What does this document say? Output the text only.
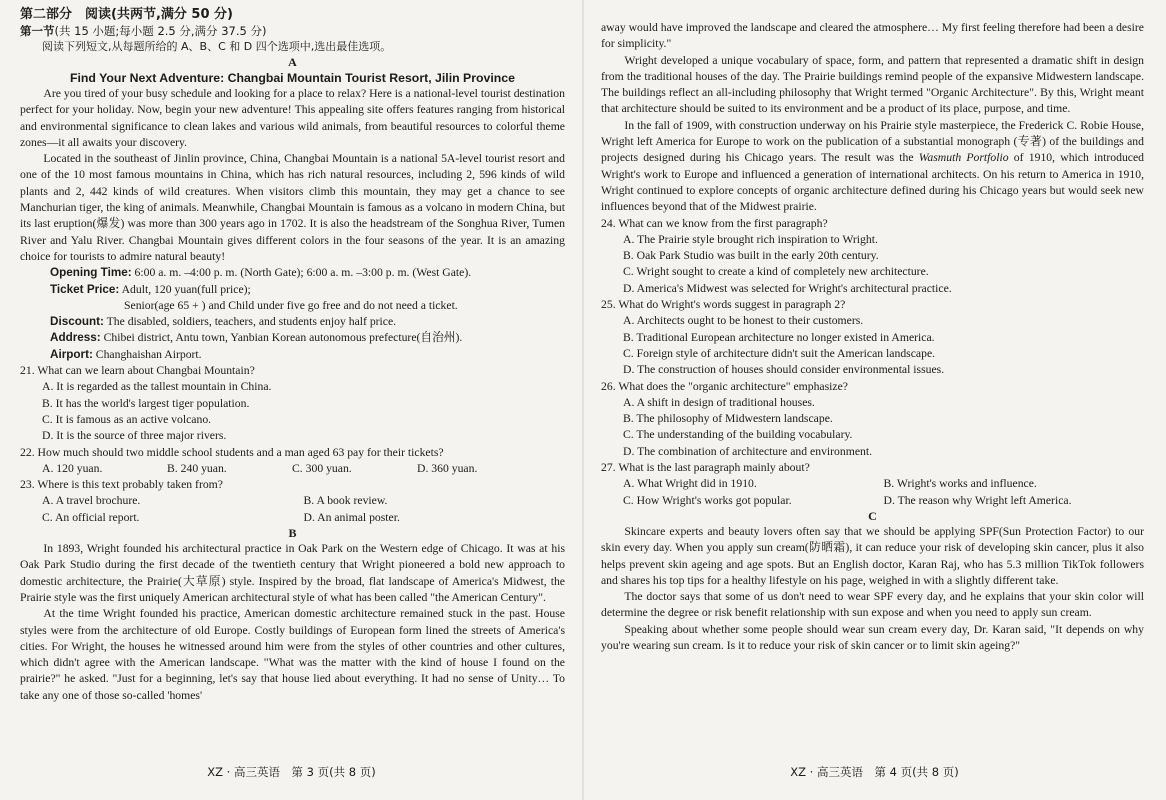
第二部分　阅读(共两节,满分 50 分)

第一节(共 15 小题;每小题 2.5 分,满分 37.5 分)

阅读下列短文,从每题所给的 A、B、C 和 D 四个选项中,选出最佳选项。

A

Find Your Next Adventure: Changbai Mountain Tourist Resort, Jilin Province

Are you tired of your busy schedule and looking for a place to relax? Here is a national-level tourist destination perfect for your holiday. Now, begin your new adventure! This appealing site offers features ranging from historical and environmental significance to clean lakes and various wild animals, from beautiful resources to colorful theme zones—it all awaits your discovery.

Located in the southeast of Jinlin province, China, Changbai Mountain is a national 5A-level tourist resort and one of the 10 most famous mountains in China, which has rich natural resources, including 2, 596 kinds of wild plants and 2, 442 kinds of wild creatures. When visitors climb this mountain, they may get a chance to see Manchurian tiger, the king of animals. Meanwhile, Changbai Mountain is famous as a volcano in modern China, but its last eruption(爆发) was more than 300 years ago in 1702. It is also the headstream of the Songhua River, Tumen River and Yalu River. Changbai Mountain gives different colors in the four seasons of the year. It is an amazing choice for tourists to admire natural beauty!

Opening Time: 6:00 a. m. –4:00 p. m. (North Gate); 6:00 a. m. –3:00 p. m. (West Gate).

Ticket Price: Adult, 120 yuan(full price);

Senior(age 65 + ) and Child under five go free and do not need a ticket.

Discount: The disabled, soldiers, teachers, and students enjoy half price.

Address: Chibei district, Antu town, Yanbian Korean autonomous prefecture(自治州).

Airport: Changhaishan Airport.

21. What can we learn about Changbai Mountain?

A. It is regarded as the tallest mountain in China.

B. It has the world's largest tiger population.

C. It is famous as an active volcano.

D. It is the source of three major rivers.

22. How much should two middle school students and a man aged 63 pay for their tickets?

A. 120 yuan.	B. 240 yuan.	C. 300 yuan.	D. 360 yuan.

23. Where is this text probably taken from?

A. A travel brochure.	B. A book review.
C. An official report.	D. An animal poster.

B

In 1893, Wright founded his architectural practice in Oak Park on the Western edge of Chicago. It was at his Oak Park Studio during the first decade of the twentieth century that Wright pioneered a bold new approach to domestic architecture, the Prairie(大草原) style. Inspired by the broad, flat landscape of America's Midwest, the Prairie style was the first uniquely American architectural style of what has been called "the American Century".

At the time Wright founded his practice, American domestic architecture remained stuck in the past. House styles were from the architecture of old Europe. Costly buildings of European form lined the streets of America's cities. For Wright, the houses he witnessed around him were from the styles of other countries and other cultures, which didn't agree with the American landscape. "What was the matter with the kind of house I found on the prairie?" he asked. "Just for a beginning, let's say that house lied about everything. It had no sense of Unity… To take any one of those so-called 'homes'

XZ · 高三英语　第 3 页(共 8 页)

away would have improved the landscape and cleared the atmosphere… My first feeling therefore had been a desire for simplicity."

Wright developed a unique vocabulary of space, form, and pattern that represented a dramatic shift in design from the traditional houses of the day. The Prairie buildings remind people of the expansive Midwestern landscape. The buildings reflect an all-including philosophy that Wright termed "Organic Architecture". By this, Wright meant that architecture should be suited to its environment and be a product of its place, purpose, and time.

In the fall of 1909, with construction underway on his Prairie style masterpiece, the Frederick C. Robie House, Wright left America for Europe to work on the publication of a substantial monograph (专著) of the buildings and projects designed during his Chicago years. The result was the Wasmuth Portfolio of 1910, which introduced Wright's work to Europe and influenced a generation of international architects. On his return to America in 1910, Wright continued to explore concepts of organic architecture defined during his Chicago years but would seek new influences beyond that of the Midwest prairie.

24. What can we know from the first paragraph?

A. The Prairie style brought rich inspiration to Wright.

B. Oak Park Studio was built in the early 20th century.

C. Wright sought to create a kind of completely new architecture.

D. America's Midwest was selected for Wright's architectural practice.

25. What do Wright's words suggest in paragraph 2?

A. Architects ought to be honest to their customers.

B. Traditional European architecture no longer existed in America.

C. Foreign style of architecture didn't suit the American landscape.

D. The construction of houses should consider environmental issues.

26. What does the "organic architecture" emphasize?

A. A shift in design of traditional houses.

B. The philosophy of Midwestern landscape.

C. The understanding of the building vocabulary.

D. The combination of architecture and environment.

27. What is the last paragraph mainly about?

A. What Wright did in 1910.	B. Wright's works and influence.
C. How Wright's works got popular.	D. The reason why Wright left America.

C

Skincare experts and beauty lovers often say that we should be applying SPF(Sun Protection Factor) to our skin every day. When you apply sun cream(防晒霜), it can reduce your risk of developing skin cancer, plus it also helps prevent skin ageing and age spots. But an English doctor, Karan Raj, who has 5.3 million TikTok followers and shares his top tips for a healthy lifestyle on his page, weighed in with a slightly different take.

The doctor says that some of us don't need to wear SPF every day, and he explains that your skin color will determine the degree or risk benefit relationship with sun expose and when you need to apply sun cream.

Speaking about whether some people should wear sun cream every day, Dr. Karan said, "It depends on why you're wearing sun cream. Is it to reduce your risk of skin cancer or to limit skin ageing?"

XZ · 高三英语　第 4 页(共 8 页)
